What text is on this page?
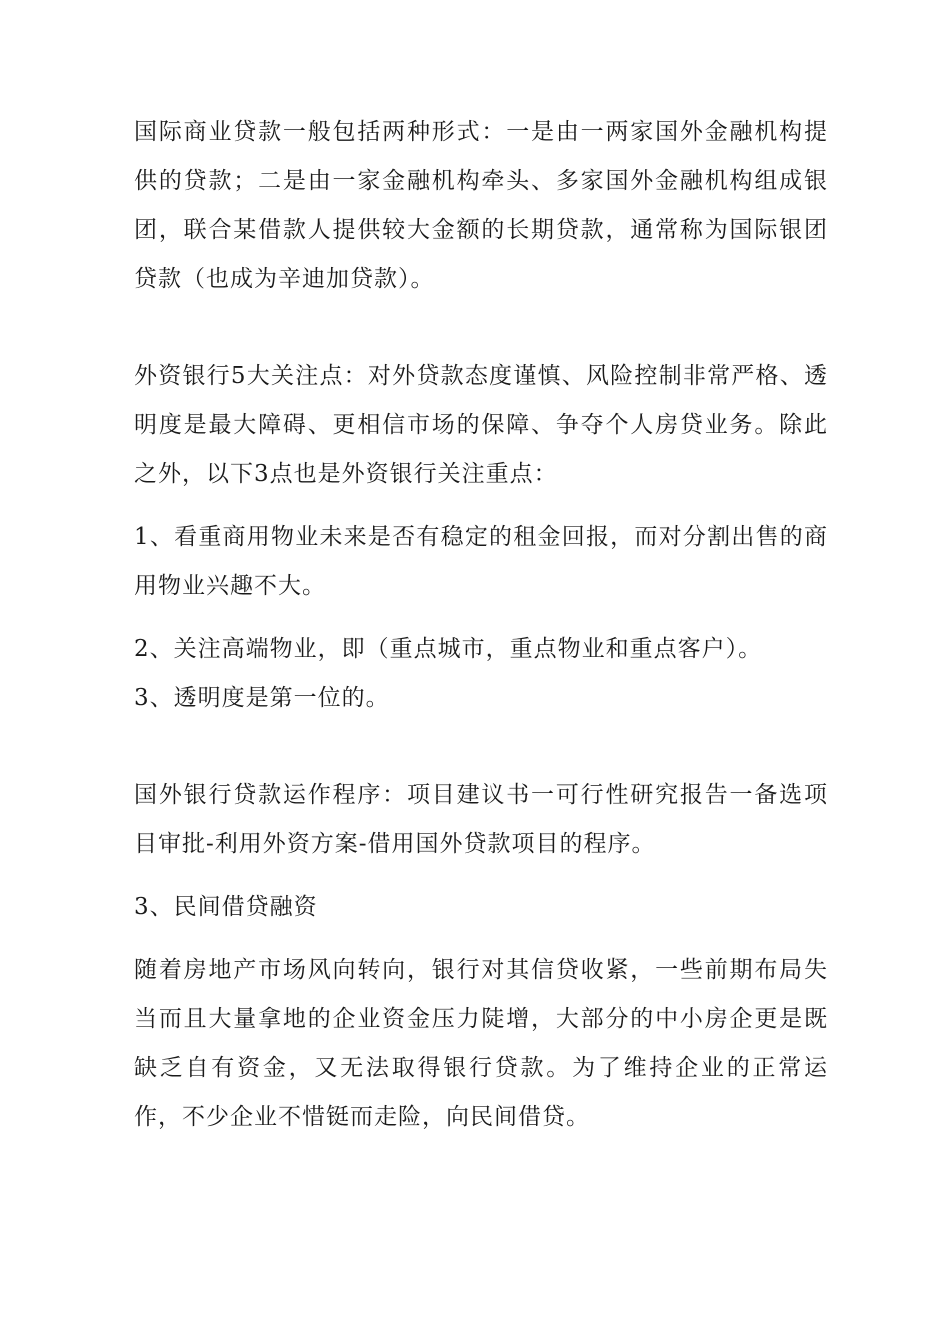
国际商业贷款一般包括两种形式：一是由一两家国外金融机构提供的贷款；二是由一家金融机构牵头、多家国外金融机构组成银团，联合某借款人提供较大金额的长期贷款，通常称为国际银团贷款（也成为辛迪加贷款）。

外资银行5大关注点：对外贷款态度谨慎、风险控制非常严格、透明度是最大障碍、更相信市场的保障、争夺个人房贷业务。除此之外，以下3点也是外资银行关注重点：

1、看重商用物业未来是否有稳定的租金回报，而对分割出售的商用物业兴趣不大。

2、关注高端物业，即（重点城市，重点物业和重点客户）。

3、透明度是第一位的。

国外银行贷款运作程序：项目建议书一可行性研究报告一备选项目审批-利用外资方案-借用国外贷款项目的程序。

3、民间借贷融资

随着房地产市场风向转向，银行对其信贷收紧，一些前期布局失当而且大量拿地的企业资金压力陡增，大部分的中小房企更是既缺乏自有资金，又无法取得银行贷款。为了维持企业的正常运作，不少企业不惜铤而走险，向民间借贷。
